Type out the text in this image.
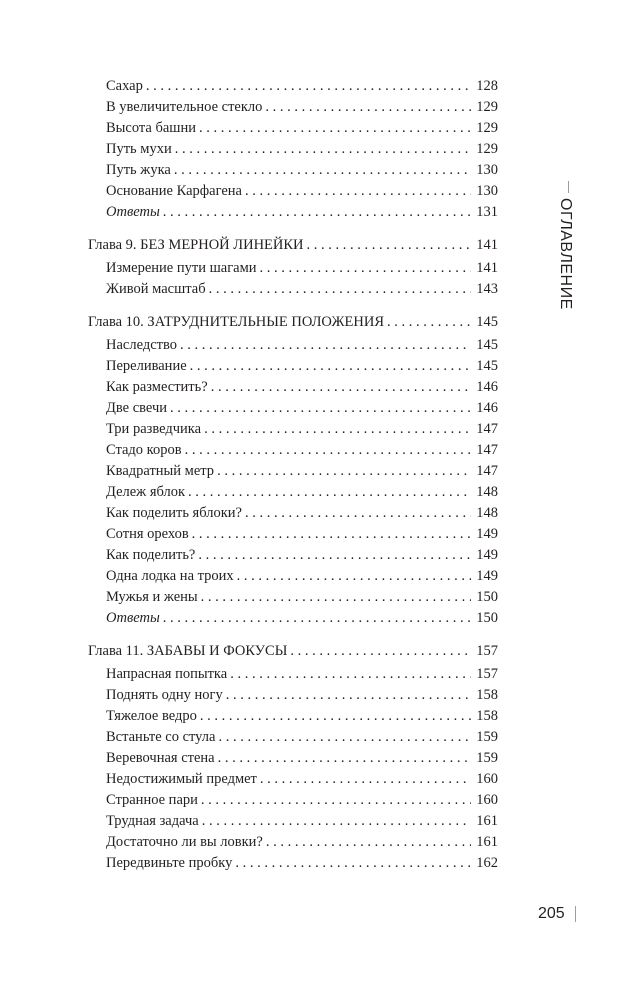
Сахар . . .	128
В увеличительное стекло . . .	129
Высота башни . . .	129
Путь мухи . . .	129
Путь жука . . .	130
Основание Карфагена . . .	130
Ответы . . .	131
Глава 9. БЕЗ МЕРНОЙ ЛИНЕЙКИ . . .	141
Измерение пути шагами . . .	141
Живой масштаб . . .	143
Глава 10. ЗАТРУДНИТЕЛЬНЫЕ ПОЛОЖЕНИЯ . . .	145
Наследство . . .	145
Переливание . . .	145
Как разместить? . . .	146
Две свечи . . .	146
Три разведчика . . .	147
Стадо коров . . .	147
Квадратный метр . . .	147
Дележ яблок . . .	148
Как поделить яблоки? . . .	148
Сотня орехов . . .	149
Как поделить? . . .	149
Одна лодка на троих . . .	149
Мужья и жены . . .	150
Ответы . . .	150
Глава 11. ЗАБАВЫ И ФОКУСЫ . . .	157
Напрасная попытка . . .	157
Поднять одну ногу . . .	158
Тяжелое ведро . . .	158
Встаньте со стула . . .	159
Веревочная стена . . .	159
Недостижимый предмет . . .	160
Странное пари . . .	160
Трудная задача . . .	161
Достаточно ли вы ловки? . . .	161
Передвиньте пробку . . .	162
ОГЛАВЛЕНИЕ
205
